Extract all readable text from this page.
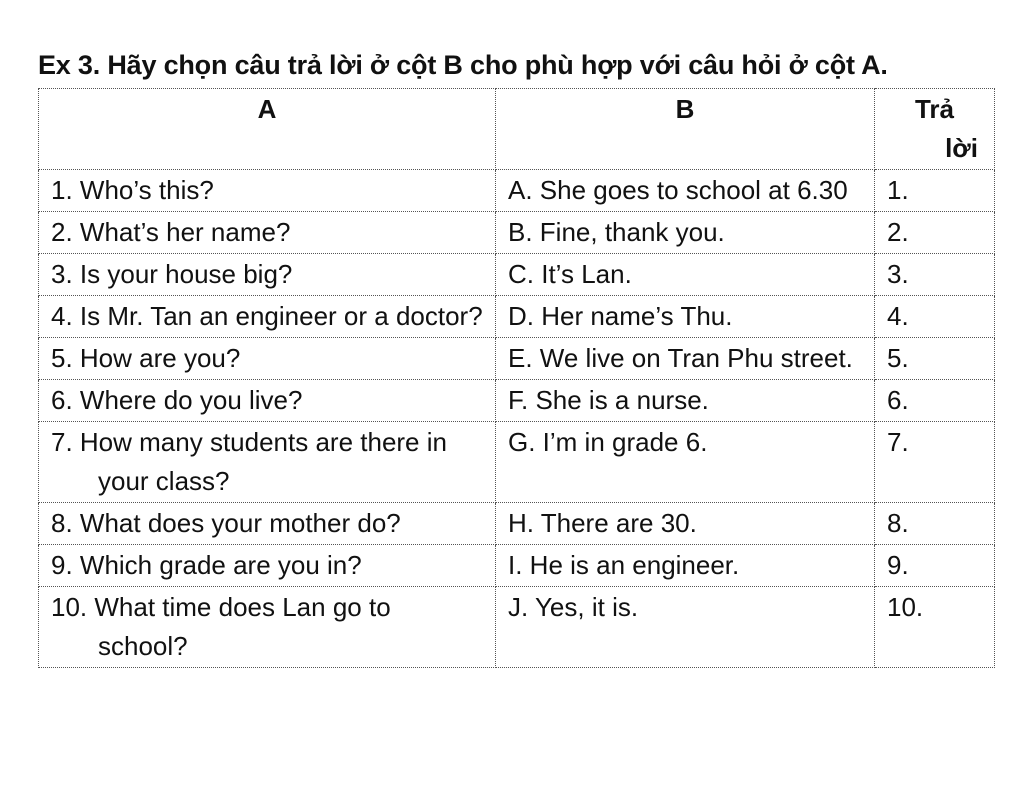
Ex 3. Hãy chọn câu trả lời ở cột B cho phù hợp với câu hỏi ở cột A.
A	B	Trả
lời

1. Who’s this?	A. She goes to school at 6.30	1.

2. What’s her name?	B. Fine, thank you.	2.

3. Is your house big?	C. It’s Lan.	3.

4. Is Mr. Tan an engineer or a doctor?	D. Her name’s Thu.	4.

5. How are you?	E. We live on Tran Phu street.	5.

6. Where do you live?	F. She is a nurse.	6.

7. How many students are there in your class?	G. I’m in grade 6.	7.

8. What does your mother do?	H. There are 30.	8.

9. Which grade are you in?	I. He is an engineer.	9.

10. What time does Lan go to school?	J. Yes, it is.	10.
